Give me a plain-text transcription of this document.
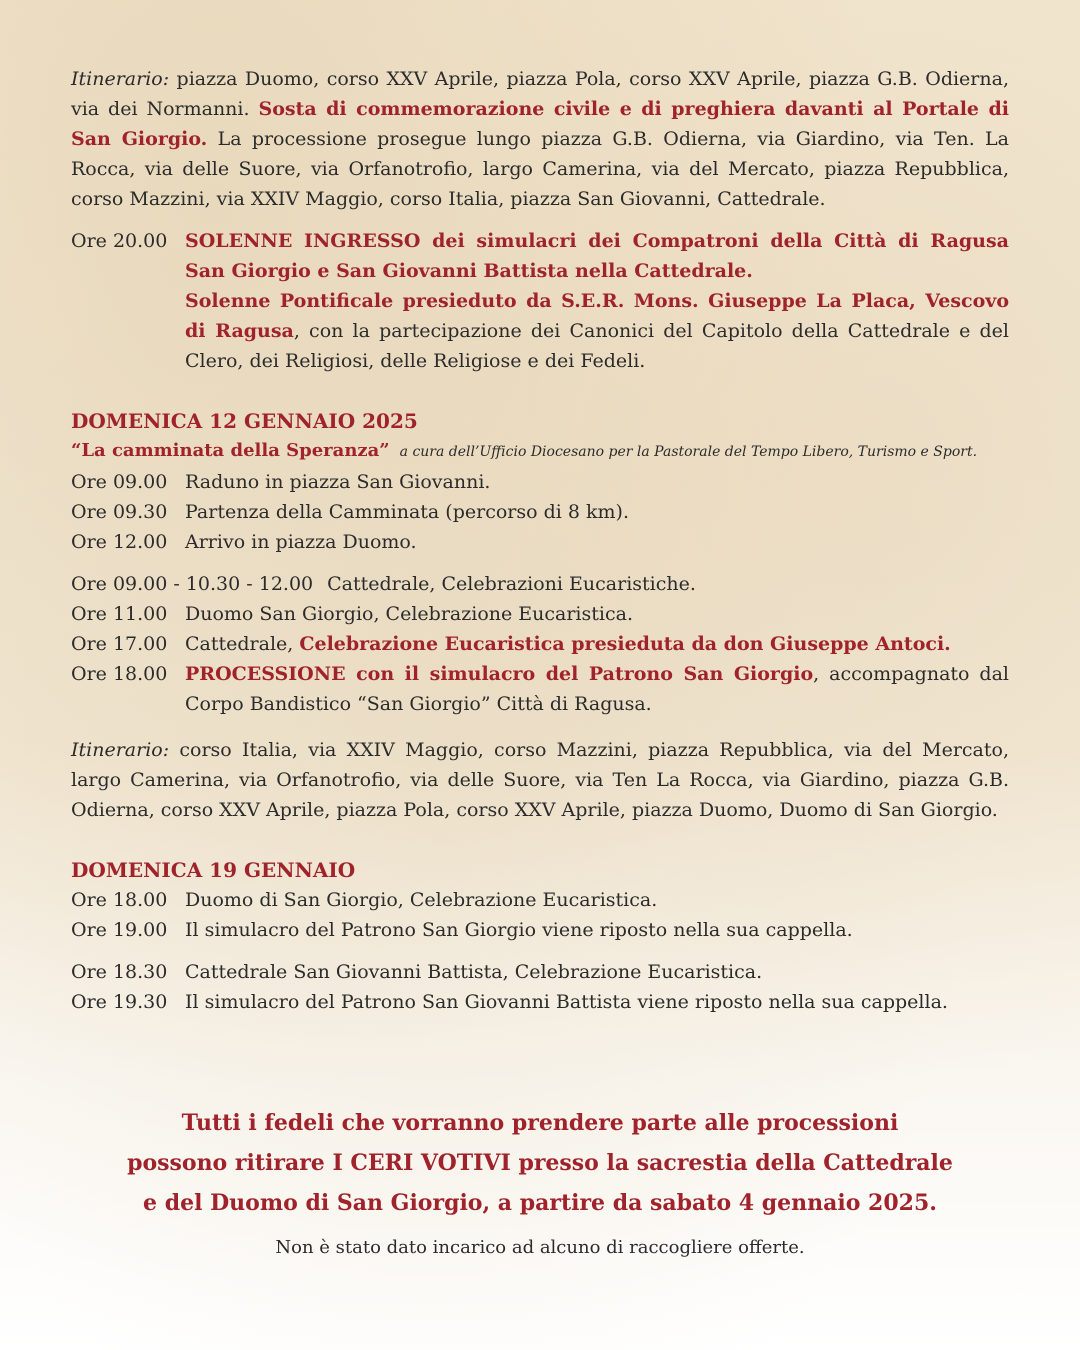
Itinerario: piazza Duomo, corso XXV Aprile, piazza Pola, corso XXV Aprile, piazza G.B. Odierna, via dei Normanni. Sosta di commemorazione civile e di preghiera davanti al Portale di San Giorgio. La processione prosegue lungo piazza G.B. Odierna, via Giardino, via Ten. La Rocca, via delle Suore, via Orfanotrofio, largo Camerina, via del Mercato, piazza Repubblica, corso Mazzini, via XXIV Maggio, corso Italia, piazza San Giovanni, Cattedrale.

Ore 20.00 SOLENNE INGRESSO dei simulacri dei Compatroni della Città di Ragusa San Giorgio e San Giovanni Battista nella Cattedrale.
Solenne Pontificale presieduto da S.E.R. Mons. Giuseppe La Placa, Vescovo di Ragusa, con la partecipazione dei Canonici del Capitolo della Cattedrale e del Clero, dei Religiosi, delle Religiose e dei Fedeli.

DOMENICA 12 GENNAIO 2025

“La camminata della Speranza” a cura dell’Ufficio Diocesano per la Pastorale del Tempo Libero, Turismo e Sport.
Ore 09.00 Raduno in piazza San Giovanni.
Ore 09.30 Partenza della Camminata (percorso di 8 km).
Ore 12.00 Arrivo in piazza Duomo.
Ore 09.00 - 10.30 - 12.00 Cattedrale, Celebrazioni Eucaristiche.
Ore 11.00 Duomo San Giorgio, Celebrazione Eucaristica.
Ore 17.00 Cattedrale, Celebrazione Eucaristica presieduta da don Giuseppe Antoci.
Ore 18.00 PROCESSIONE con il simulacro del Patrono San Giorgio, accompagnato dal Corpo Bandistico “San Giorgio” Città di Ragusa.

Itinerario: corso Italia, via XXIV Maggio, corso Mazzini, piazza Repubblica, via del Mercato, largo Camerina, via Orfanotrofio, via delle Suore, via Ten La Rocca, via Giardino, piazza G.B. Odierna, corso XXV Aprile, piazza Pola, corso XXV Aprile, piazza Duomo, Duomo di San Giorgio.

DOMENICA 19 GENNAIO

Ore 18.00 Duomo di San Giorgio, Celebrazione Eucaristica.
Ore 19.00 Il simulacro del Patrono San Giorgio viene riposto nella sua cappella.
Ore 18.30 Cattedrale San Giovanni Battista, Celebrazione Eucaristica.
Ore 19.30 Il simulacro del Patrono San Giovanni Battista viene riposto nella sua cappella.
Tutti i fedeli che vorranno prendere parte alle processioni
possono ritirare I CERI VOTIVI presso la sacrestia della Cattedrale
e del Duomo di San Giorgio, a partire da sabato 4 gennaio 2025.
Non è stato dato incarico ad alcuno di raccogliere offerte.
